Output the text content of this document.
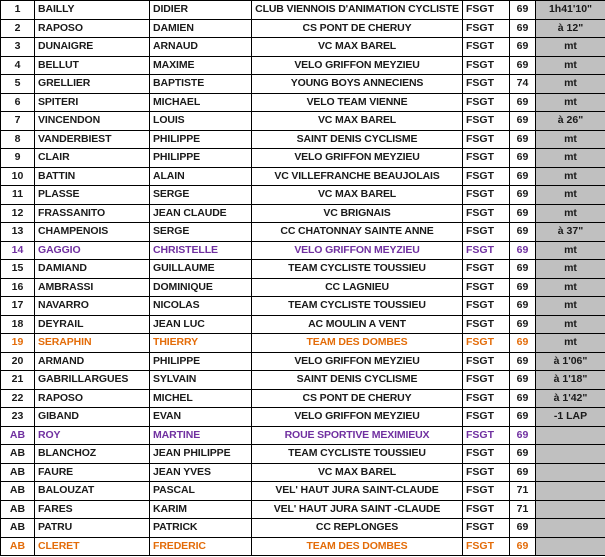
1	BAILLY	DIDIER	CLUB VIENNOIS D'ANIMATION CYCLISTE	FSGT	69	1h41'10"
2	RAPOSO	DAMIEN	CS PONT DE CHERUY	FSGT	69	à 12"
3	DUNAIGRE	ARNAUD	VC MAX BAREL	FSGT	69	mt
4	BELLUT	MAXIME	VELO GRIFFON MEYZIEU	FSGT	69	mt
5	GRELLIER	BAPTISTE	YOUNG BOYS ANNECIENS	FSGT	74	mt
6	SPITERI	MICHAEL	VELO TEAM VIENNE	FSGT	69	mt
7	VINCENDON	LOUIS	VC MAX BAREL	FSGT	69	à 26"
8	VANDERBIEST	PHILIPPE	SAINT DENIS CYCLISME	FSGT	69	mt
9	CLAIR	PHILIPPE	VELO GRIFFON MEYZIEU	FSGT	69	mt
10	BATTIN	ALAIN	VC VILLEFRANCHE BEAUJOLAIS	FSGT	69	mt
11	PLASSE	SERGE	VC MAX BAREL	FSGT	69	mt
12	FRASSANITO	JEAN CLAUDE	VC BRIGNAIS	FSGT	69	mt
13	CHAMPENOIS	SERGE	CC CHATONNAY SAINTE ANNE	FSGT	69	à 37"
14	GAGGIO	CHRISTELLE	VELO GRIFFON MEYZIEU	FSGT	69	mt
15	DAMIAND	GUILLAUME	TEAM CYCLISTE TOUSSIEU	FSGT	69	mt
16	AMBRASSI	DOMINIQUE	CC LAGNIEU	FSGT	69	mt
17	NAVARRO	NICOLAS	TEAM CYCLISTE TOUSSIEU	FSGT	69	mt
18	DEYRAIL	JEAN LUC	AC MOULIN A VENT	FSGT	69	mt
19	SERAPHIN	THIERRY	TEAM DES DOMBES	FSGT	69	mt
20	ARMAND	PHILIPPE	VELO GRIFFON MEYZIEU	FSGT	69	à 1'06"
21	GABRILLARGUES	SYLVAIN	SAINT DENIS CYCLISME	FSGT	69	à 1'18"
22	RAPOSO	MICHEL	CS PONT DE CHERUY	FSGT	69	à 1'42"
23	GIBAND	EVAN	VELO GRIFFON MEYZIEU	FSGT	69	-1 LAP
AB	ROY	MARTINE	ROUE SPORTIVE MEXIMIEUX	FSGT	69	
AB	BLANCHOZ	JEAN PHILIPPE	TEAM CYCLISTE TOUSSIEU	FSGT	69	
AB	FAURE	JEAN YVES	VC MAX BAREL	FSGT	69	
AB	BALOUZAT	PASCAL	VEL' HAUT JURA SAINT-CLAUDE	FSGT	71	
AB	FARES	KARIM	VEL' HAUT JURA SAINT -CLAUDE	FSGT	71	
AB	PATRU	PATRICK	CC REPLONGES	FSGT	69	
AB	CLERET	FREDERIC	TEAM DES DOMBES	FSGT	69	
